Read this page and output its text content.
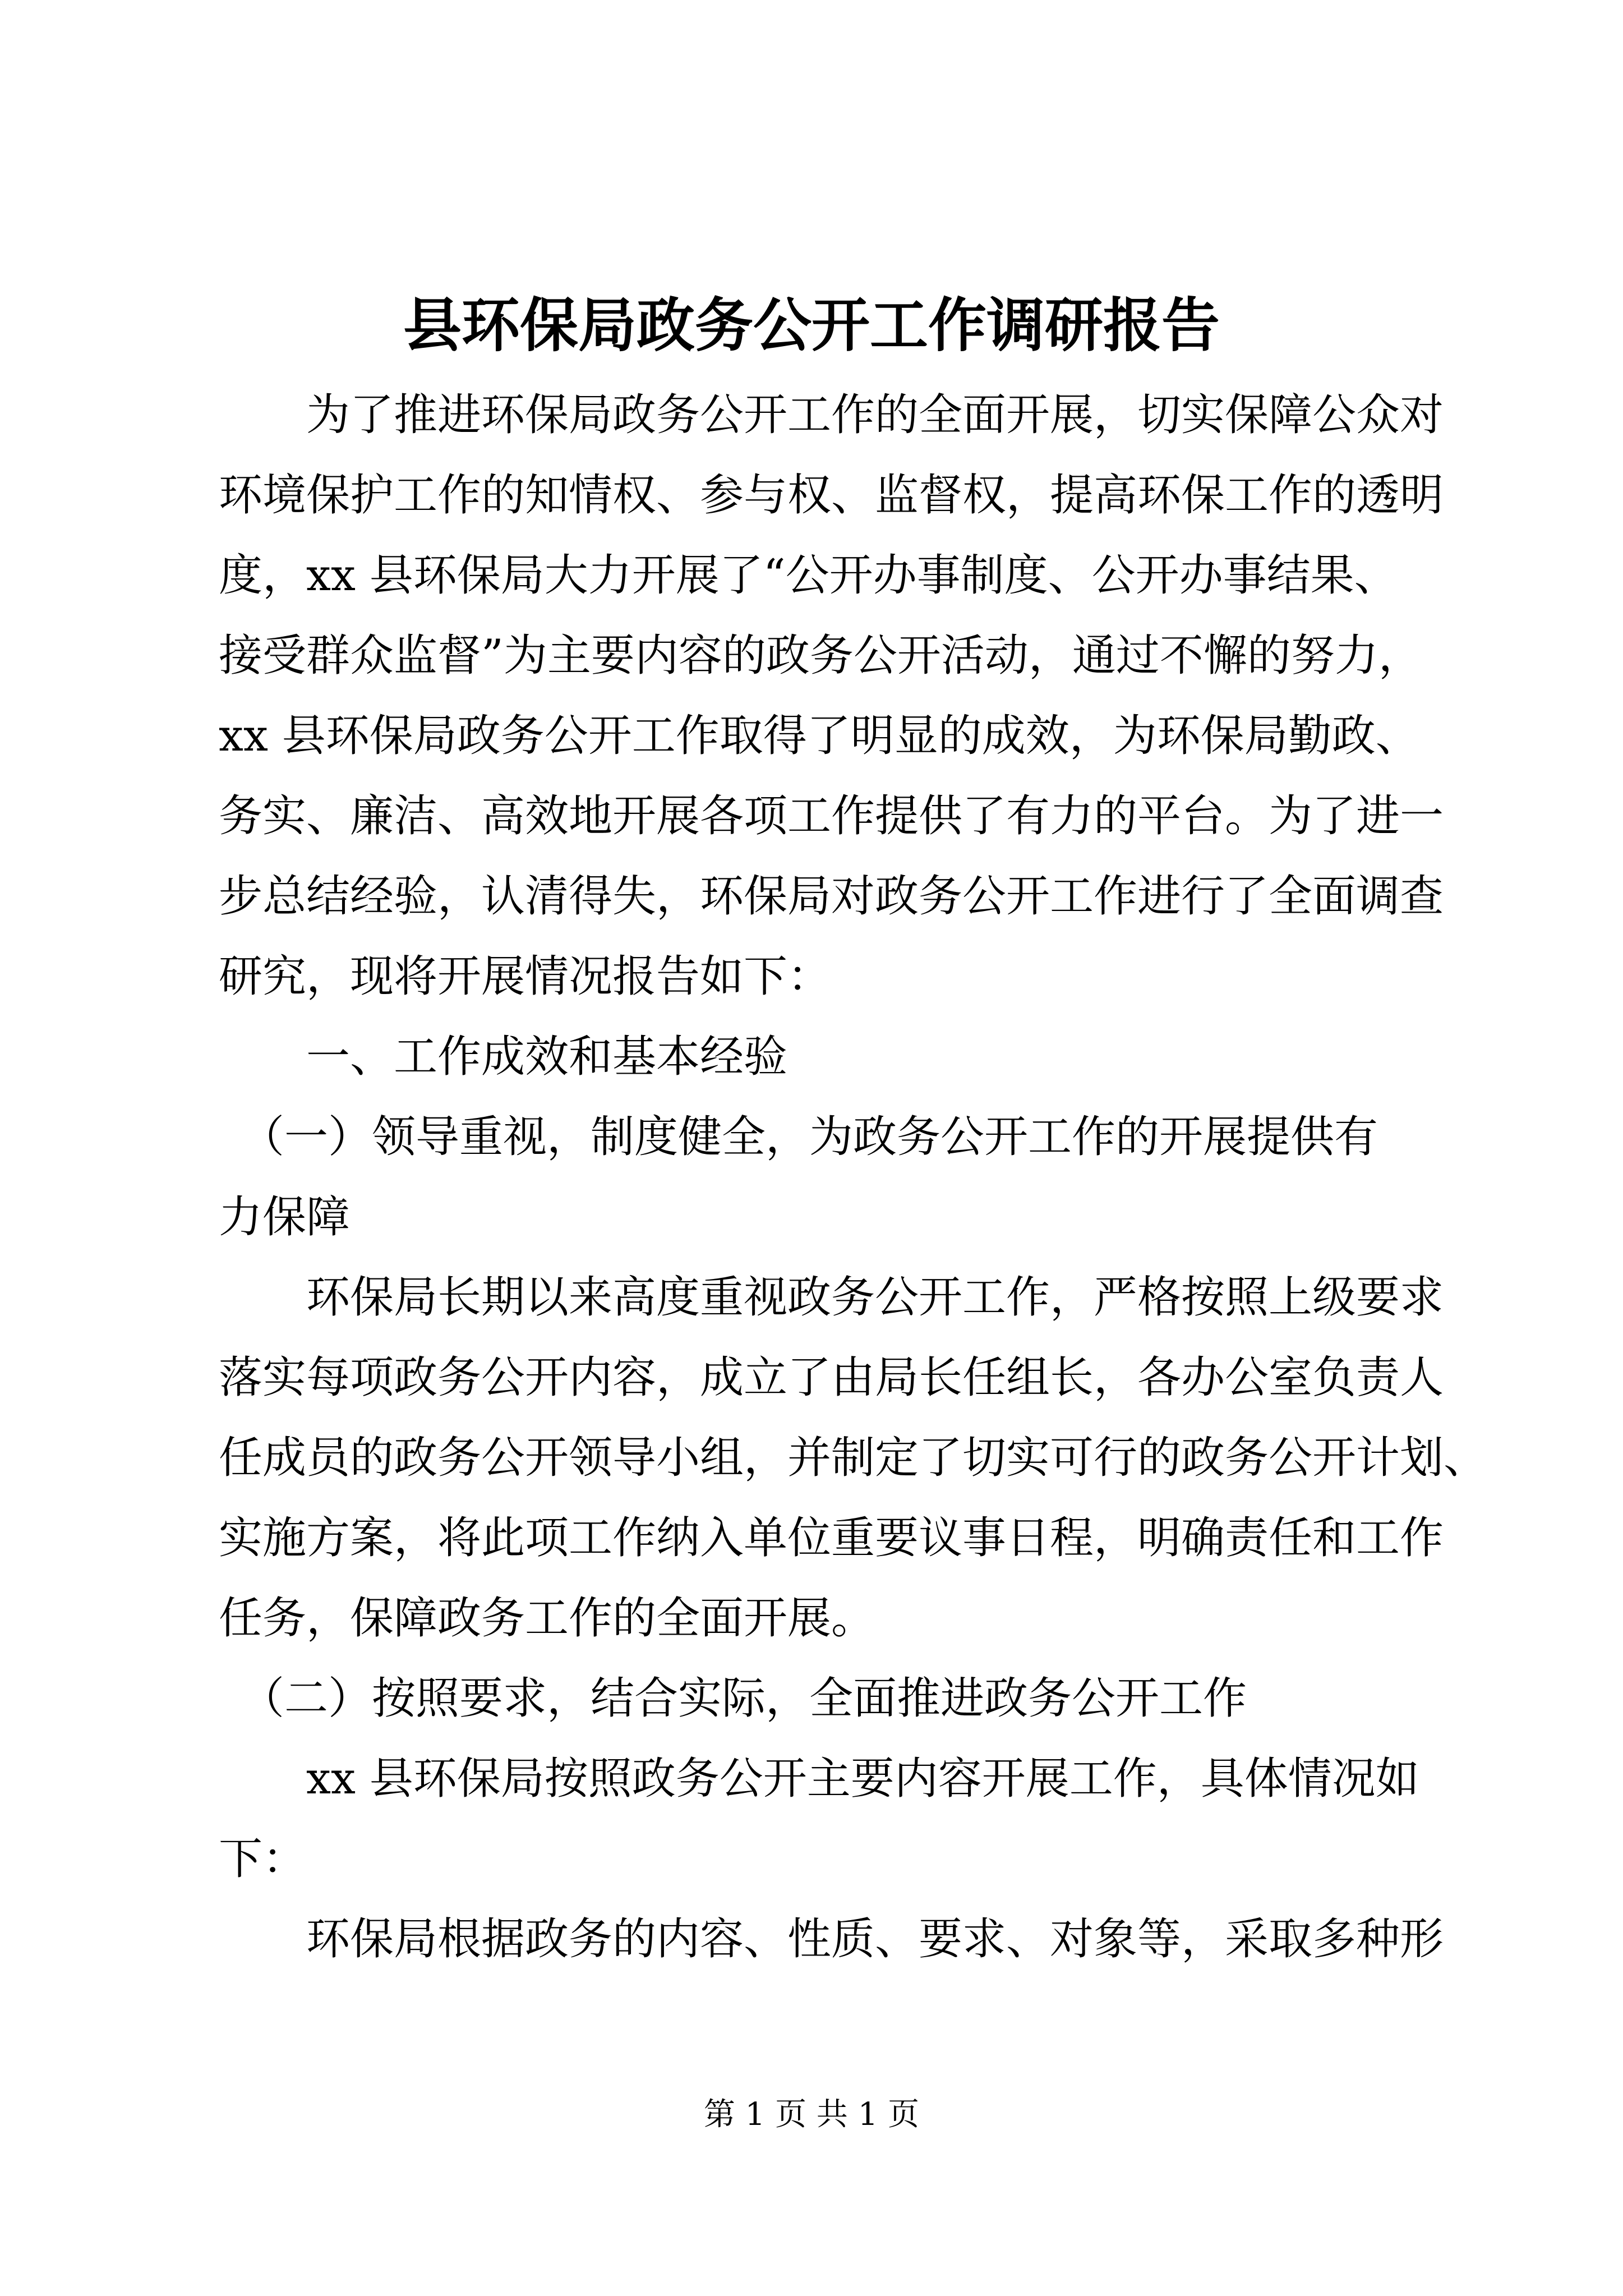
县环保局政务公开工作调研报告
　　为了推进环保局政务公开工作的全面开展，切实保障公众对
环境保护工作的知情权、参与权、监督权，提高环保工作的透明
度，xx 县环保局大力开展了“公开办事制度、公开办事结果、
接受群众监督”为主要内容的政务公开活动，通过不懈的努力，
xx 县环保局政务公开工作取得了明显的成效，为环保局勤政、
务实、廉洁、高效地开展各项工作提供了有力的平台。为了进一
步总结经验，认清得失，环保局对政务公开工作进行了全面调查
研究，现将开展情况报告如下：
　　一、工作成效和基本经验
　（一）领导重视，制度健全，为政务公开工作的开展提供有
力保障
　　环保局长期以来高度重视政务公开工作，严格按照上级要求
落实每项政务公开内容，成立了由局长任组长，各办公室负责人
任成员的政务公开领导小组，并制定了切实可行的政务公开计划、
实施方案，将此项工作纳入单位重要议事日程，明确责任和工作
任务，保障政务工作的全面开展。
　（二）按照要求，结合实际，全面推进政务公开工作
　　xx 县环保局按照政务公开主要内容开展工作，具体情况如
下：
　　环保局根据政务的内容、性质、要求、对象等，采取多种形
第 1 页 共 1 页
